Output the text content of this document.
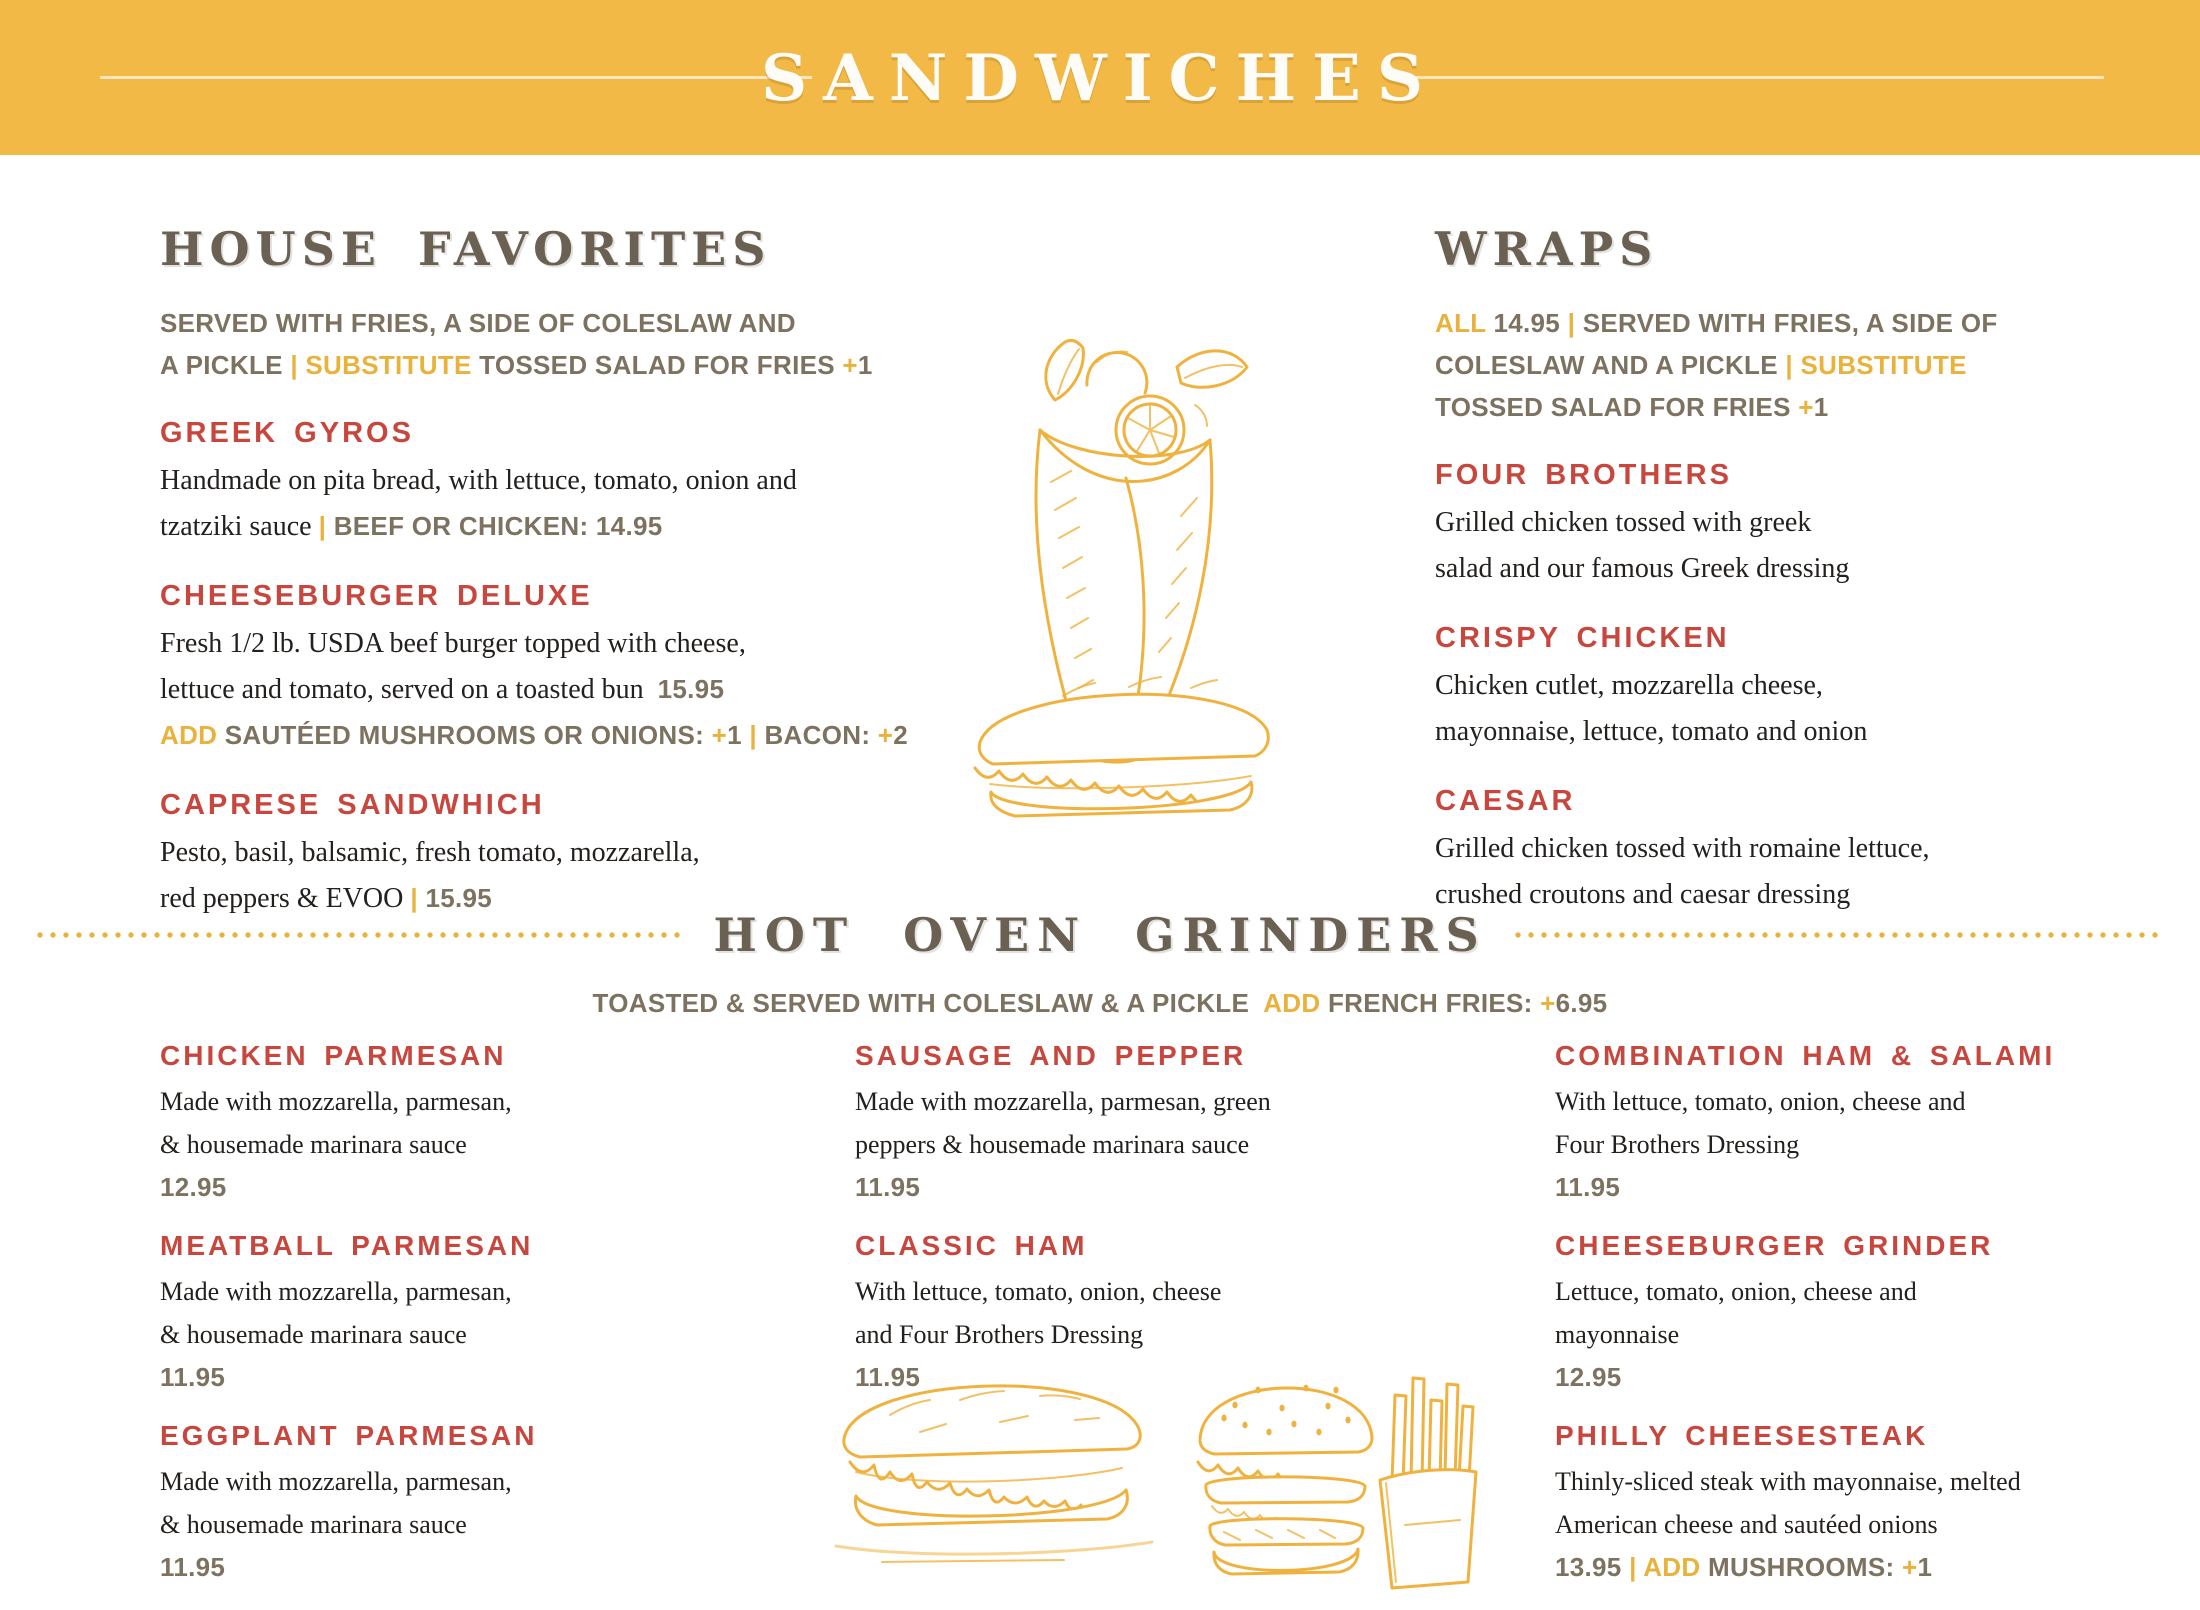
SANDWICHES
HOUSE FAVORITES
SERVED WITH FRIES, A SIDE OF COLESLAW AND
A PICKLE | SUBSTITUTE TOSSED SALAD FOR FRIES +1
GREEK GYROS
Handmade on pita bread, with lettuce, tomato, onion and
tzatziki sauce | BEEF OR CHICKEN: 14.95
CHEESEBURGER DELUXE
Fresh 1/2 lb. USDA beef burger topped with cheese,
lettuce and tomato, served on a toasted bun  15.95
ADD SAUTÉED MUSHROOMS OR ONIONS: +1 | BACON: +2
CAPRESE SANDWHICH
Pesto, basil, balsamic, fresh tomato, mozzarella,
red peppers & EVOO | 15.95
WRAPS
ALL 14.95 | SERVED WITH FRIES, A SIDE OF
COLESLAW AND A PICKLE | SUBSTITUTE
TOSSED SALAD FOR FRIES +1
FOUR BROTHERS
Grilled chicken tossed with greek
salad and our famous Greek dressing
CRISPY CHICKEN
Chicken cutlet, mozzarella cheese,
mayonnaise, lettuce, tomato and onion
CAESAR
Grilled chicken tossed with romaine lettuce,
crushed croutons and caesar dressing
HOT OVEN GRINDERS
TOASTED & SERVED WITH COLESLAW & A PICKLE  ADD FRENCH FRIES: +6.95
CHICKEN PARMESAN
Made with mozzarella, parmesan,
& housemade marinara sauce
12.95
MEATBALL PARMESAN
Made with mozzarella, parmesan,
& housemade marinara sauce
11.95
EGGPLANT PARMESAN
Made with mozzarella, parmesan,
& housemade marinara sauce
11.95
SAUSAGE AND PEPPER
Made with mozzarella, parmesan, green
peppers & housemade marinara sauce
11.95
CLASSIC HAM
With lettuce, tomato, onion, cheese
and Four Brothers Dressing
11.95
COMBINATION HAM & SALAMI
With lettuce, tomato, onion, cheese and
Four Brothers Dressing
11.95
CHEESEBURGER GRINDER
Lettuce, tomato, onion, cheese and
mayonnaise
12.95
PHILLY CHEESESTEAK
Thinly-sliced steak with mayonnaise, melted
American cheese and sautéed onions
13.95 | ADD MUSHROOMS: +1
